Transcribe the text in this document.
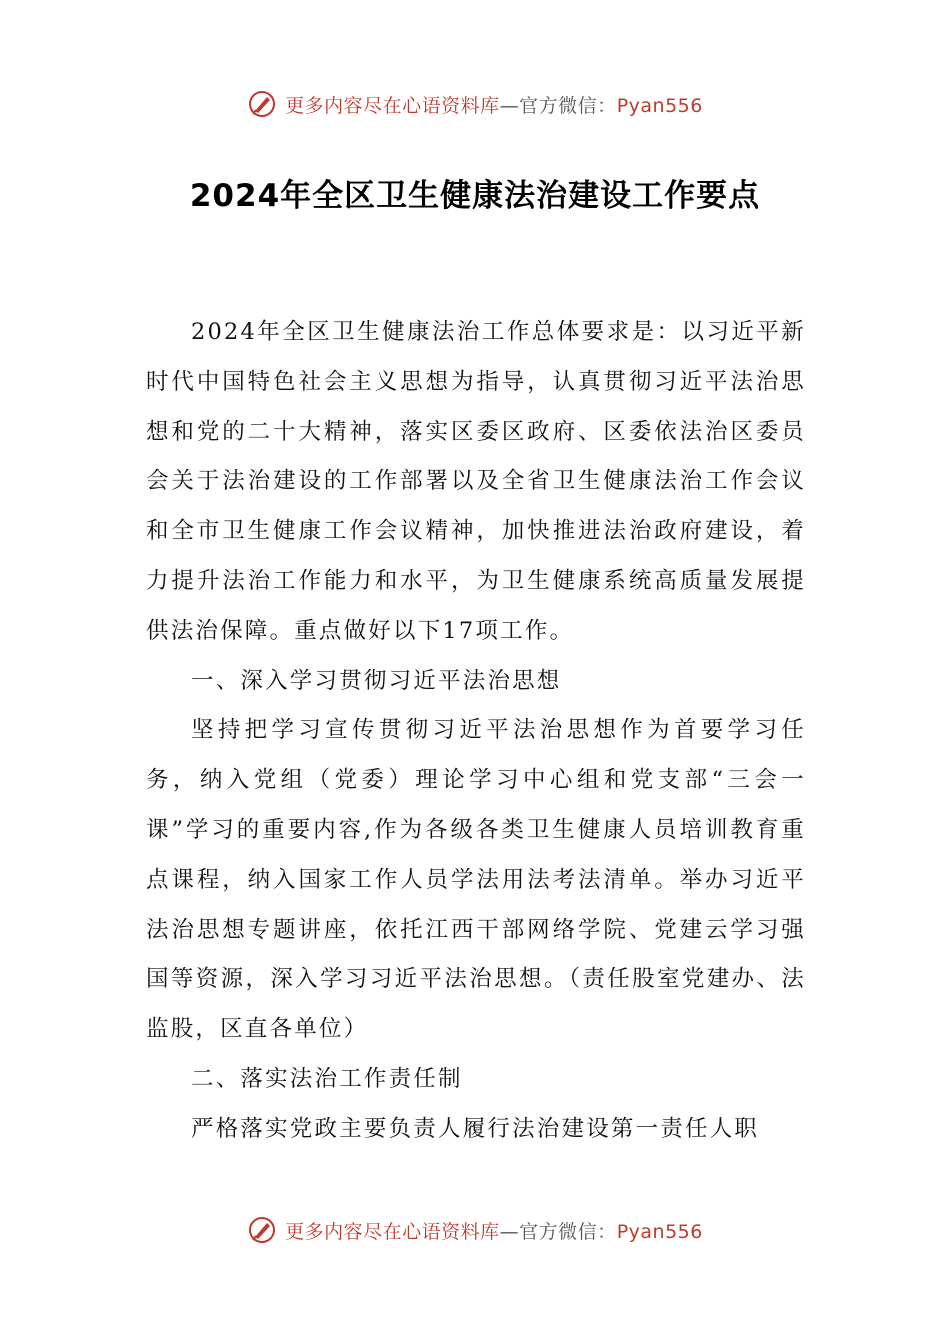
更多内容尽在心语资料库—官方微信：Pyan556
2024年全区卫生健康法治建设工作要点

2024年全区卫生健康法治工作总体要求是：以习近平新时代中国特色社会主义思想为指导，认真贯彻习近平法治思想和党的二十大精神，落实区委区政府、区委依法治区委员会关于法治建设的工作部署以及全省卫生健康法治工作会议和全市卫生健康工作会议精神，加快推进法治政府建设，着力提升法治工作能力和水平，为卫生健康系统高质量发展提供法治保障。重点做好以下17项工作。

一、深入学习贯彻习近平法治思想

坚持把学习宣传贯彻习近平法治思想作为首要学习任务，纳入党组（党委）理论学习中心组和党支部“三会一课”学习的重要内容,作为各级各类卫生健康人员培训教育重点课程，纳入国家工作人员学法用法考法清单。举办习近平法治思想专题讲座，依托江西干部网络学院、党建云学习强国等资源，深入学习习近平法治思想。（责任股室党建办、法监股，区直各单位）

二、落实法治工作责任制

严格落实党政主要负责人履行法治建设第一责任人职

更多内容尽在心语资料库—官方微信：Pyan556
